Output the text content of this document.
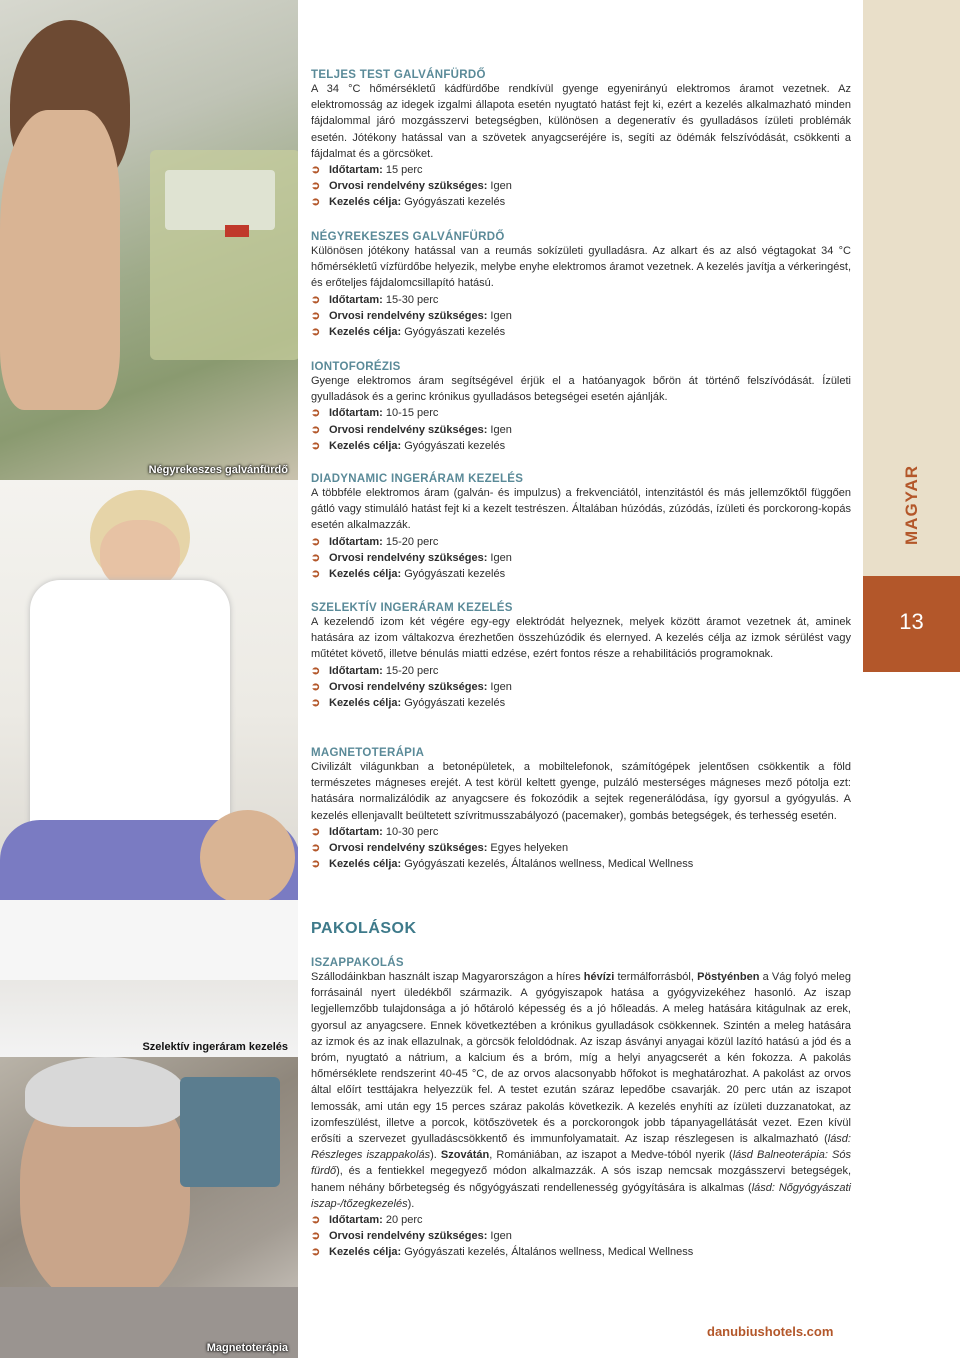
Négyrekeszes galvánfürdő
Szelektív ingeráram kezelés
Magnetoterápia
MAGYAR
13
TELJES TEST GALVÁNFÜRDŐ

A 34 °C hőmérsékletű kádfürdőbe rendkívül gyenge egyenirányú elektromos áramot vezetnek. Az elektromosság az idegek izgalmi állapota esetén nyugtató hatást fejt ki, ezért a kezelés alkalmazható minden fájdalommal járó mozgásszervi betegségben, különösen a degeneratív és gyulladásos ízületi problémák esetén. Jótékony hatással van a szövetek anyagcseréjére is, segíti az ödémák felszívódását, csökkenti a fájdalmat és a görcsöket.

➲ Időtartam: 15 perc
➲ Orvosi rendelvény szükséges: Igen
➲ Kezelés célja: Gyógyászati kezelés
NÉGYREKESZES GALVÁNFÜRDŐ

Különösen jótékony hatással van a reumás sokízületi gyulladásra. Az alkart és az alsó végtagokat 34 °C hőmérsékletű vízfürdőbe helyezik, melybe enyhe elektromos áramot vezetnek. A kezelés javítja a vérkeringést, és erőteljes fájdalomcsillapító hatású.

➲ Időtartam: 15-30 perc
➲ Orvosi rendelvény szükséges: Igen
➲ Kezelés célja: Gyógyászati kezelés
IONTOFORÉZIS

Gyenge elektromos áram segítségével érjük el a hatóanyagok bőrön át történő felszívódását. Ízületi gyulladások és a gerinc krónikus gyulladásos betegségei esetén ajánlják.

➲ Időtartam: 10-15 perc
➲ Orvosi rendelvény szükséges: Igen
➲ Kezelés célja: Gyógyászati kezelés
DIADYNAMIC INGERÁRAM KEZELÉS

A többféle elektromos áram (galván- és impulzus) a frekvenciától, intenzitástól és más jellemzőktől függően gátló vagy stimuláló hatást fejt ki a kezelt testrészen. Általában húzódás, zúzódás, ízületi és porckorong-kopás esetén alkalmazzák.

➲ Időtartam: 15-20 perc
➲ Orvosi rendelvény szükséges: Igen
➲ Kezelés célja: Gyógyászati kezelés
SZELEKTÍV INGERÁRAM KEZELÉS

A kezelendő izom két végére egy-egy elektródát helyeznek, melyek között áramot vezetnek át, aminek hatására az izom váltakozva érezhetően összehúzódik és elernyed. A kezelés célja az izmok sérülést vagy műtétet követő, illetve bénulás miatti edzése, ezért fontos része a rehabilitációs programoknak.

➲ Időtartam: 15-20 perc
➲ Orvosi rendelvény szükséges: Igen
➲ Kezelés célja: Gyógyászati kezelés
MAGNETOTERÁPIA

Civilizált világunkban a betonépületek, a mobiltelefonok, számítógépek jelentősen csökkentik a föld természetes mágneses erejét. A test körül keltett gyenge, pulzáló mesterséges mágneses mező pótolja ezt: hatására normalizálódik az anyagcsere és fokozódik a sejtek regenerálódása, így gyorsul a gyógyulás. A kezelés ellenjavallt beültetett szívritmusszabályozó (pacemaker), gombás betegségek, és terhesség esetén.

➲ Időtartam: 10-30 perc
➲ Orvosi rendelvény szükséges: Egyes helyeken
➲ Kezelés célja: Gyógyászati kezelés, Általános wellness, Medical Wellness
PAKOLÁSOK
ISZAPPAKOLÁS

Szállodáinkban használt iszap Magyarországon a híres hévízi termálforrásból, Pöstyénben a Vág folyó meleg forrásainál nyert üledékből származik. A gyógyiszapok hatása a gyógyvizekéhez hasonló. Az iszap legjellemzőbb tulajdonsága a jó hőtároló képesség és a jó hőleadás. A meleg hatására kitágulnak az erek, gyorsul az anyagcsere. Ennek következtében a krónikus gyulladások csökkennek. Szintén a meleg hatására az izmok és az inak ellazulnak, a görcsök feloldódnak. Az iszap ásványi anyagai közül lazító hatású a jód és a bróm, nyugtató a nátrium, a kalcium és a bróm, míg a helyi anyagcserét a kén fokozza. A pakolás hőmérséklete rendszerint 40-45 °C, de az orvos alacsonyabb hőfokot is meghatározhat. A pakolást az orvos által előírt testtájakra helyezzük fel. A testet ezután száraz lepedőbe csavarják. 20 perc után az iszapot lemossák, ami után egy 15 perces száraz pakolás következik. A kezelés enyhíti az ízületi duzzanatokat, az izomfeszülést, illetve a porcok, kötőszövetek és a porckorongok jobb tápanyagellátását vezet. Ezen kívül erősíti a szervezet gyulladáscsökkentő és immunfolyamatait. Az iszap részlegesen is alkalmazható (lásd: Részleges iszappakolás). Szovátán, Romániában, az iszapot a Medve-tóból nyerik (lásd Balneoterápia: Sós fürdő), és a fentiekkel megegyező módon alkalmazzák. A sós iszap nemcsak mozgásszervi betegségek, hanem néhány bőrbetegség és nőgyógyászati rendellenesség gyógyítására is alkalmas (lásd: Nőgyógyászati iszap-/tőzegkezelés).

➲ Időtartam: 20 perc
➲ Orvosi rendelvény szükséges: Igen
➲ Kezelés célja: Gyógyászati kezelés, Általános wellness, Medical Wellness
danubiushotels.com
